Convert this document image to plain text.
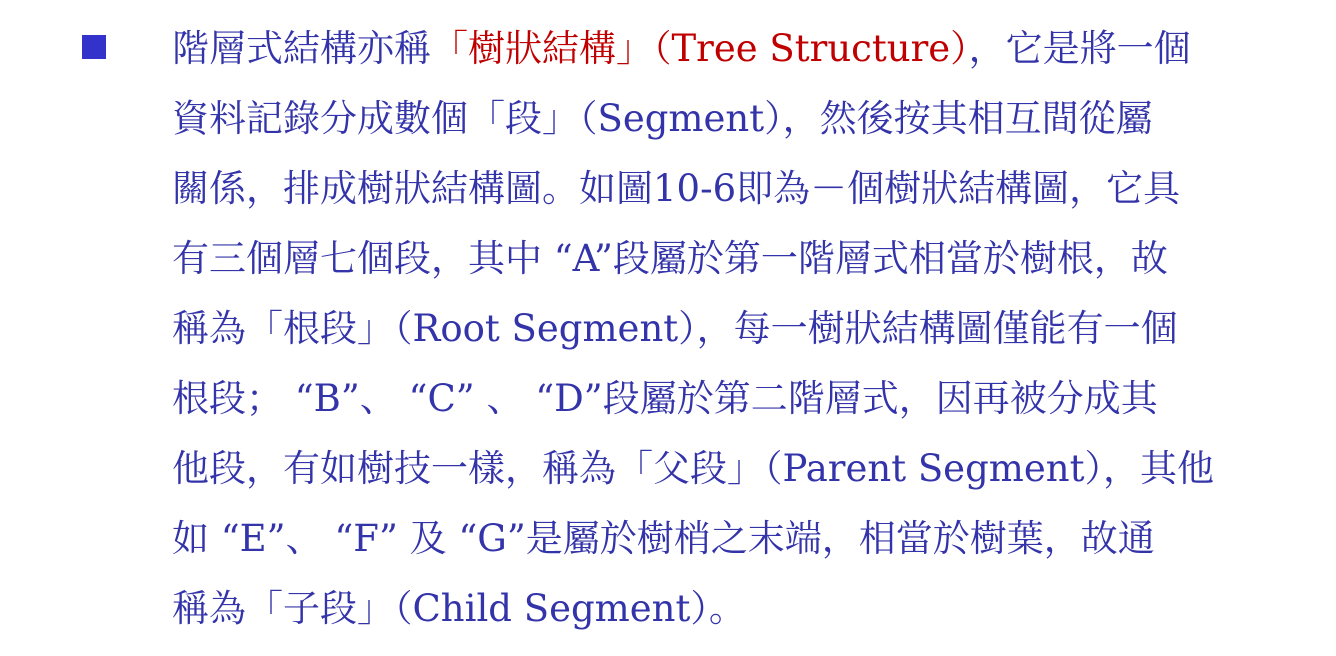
階層式結構亦稱「樹狀結構」（Tree Structure），它是將一個
資料記錄分成數個「段」（Segment），然後按其相互間從屬
關係，排成樹狀結構圖。如圖10-6即為－個樹狀結構圖，它具
有三個層七個段，其中 “A”段屬於第一階層式相當於樹根，故
稱為「根段」（Root Segment），每一樹狀結構圖僅能有一個
根段； “B”、 “C” 、 “D”段屬於第二階層式，因再被分成其
他段，有如樹技一樣，稱為「父段」（Parent Segment），其他
如 “E”、 “F” 及 “G”是屬於樹梢之末端，相當於樹葉，故通
稱為「子段」（Child Segment）。
